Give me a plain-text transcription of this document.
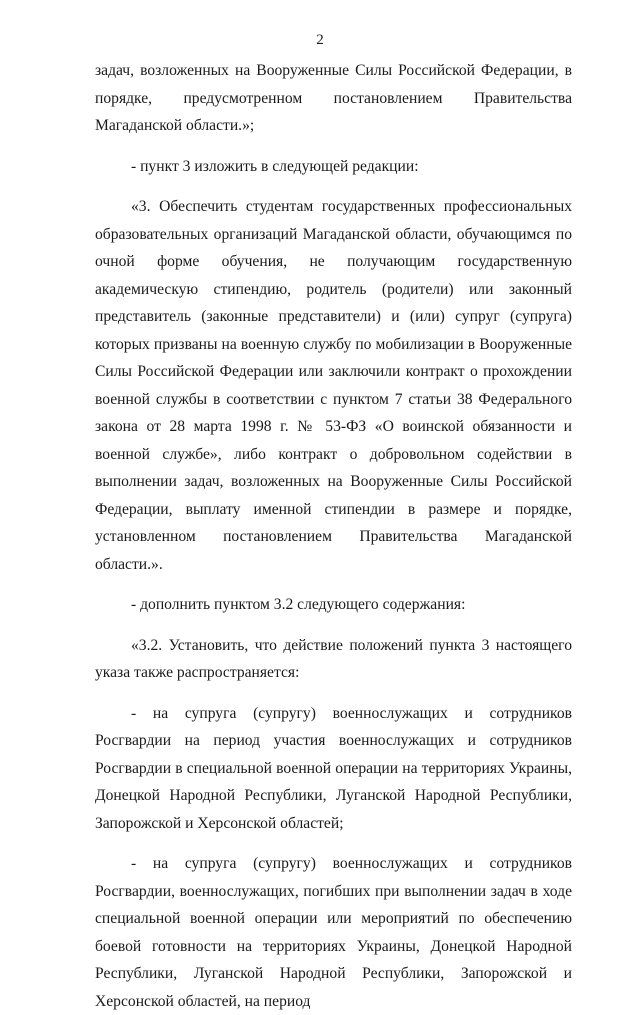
2

задач, возложенных на Вооруженные Силы Российской Федерации, в порядке, предусмотренном постановлением Правительства Магаданской области.»;

- пункт 3 изложить в следующей редакции:

«3. Обеспечить студентам государственных профессиональных образовательных организаций Магаданской области, обучающимся по очной форме обучения, не получающим государственную академическую стипендию, родитель (родители) или законный представитель (законные представители) и (или) супруг (супруга) которых призваны на военную службу по мобилизации в Вооруженные Силы Российской Федерации или заключили контракт о прохождении военной службы в соответствии с пунктом 7 статьи 38 Федерального закона от 28 марта 1998 г. № 53-ФЗ «О воинской обязанности и военной службе», либо контракт о добровольном содействии в выполнении задач, возложенных на Вооруженные Силы Российской Федерации, выплату именной стипендии в размере и порядке, установленном постановлением Правительства Магаданской области.».

- дополнить пунктом 3.2 следующего содержания:

«3.2. Установить, что действие положений пункта 3 настоящего указа также распространяется:

- на супруга (супругу) военнослужащих и сотрудников Росгвардии на период участия военнослужащих и сотрудников Росгвардии в специальной военной операции на территориях Украины, Донецкой Народной Республики, Луганской Народной Республики, Запорожской и Херсонской областей;

- на супруга (супругу) военнослужащих и сотрудников Росгвардии, военнослужащих, погибших при выполнении задач в ходе специальной военной операции или мероприятий по обеспечению боевой готовности на территориях Украины, Донецкой Народной Республики, Луганской Народной Республики, Запорожской и Херсонской областей, на период
